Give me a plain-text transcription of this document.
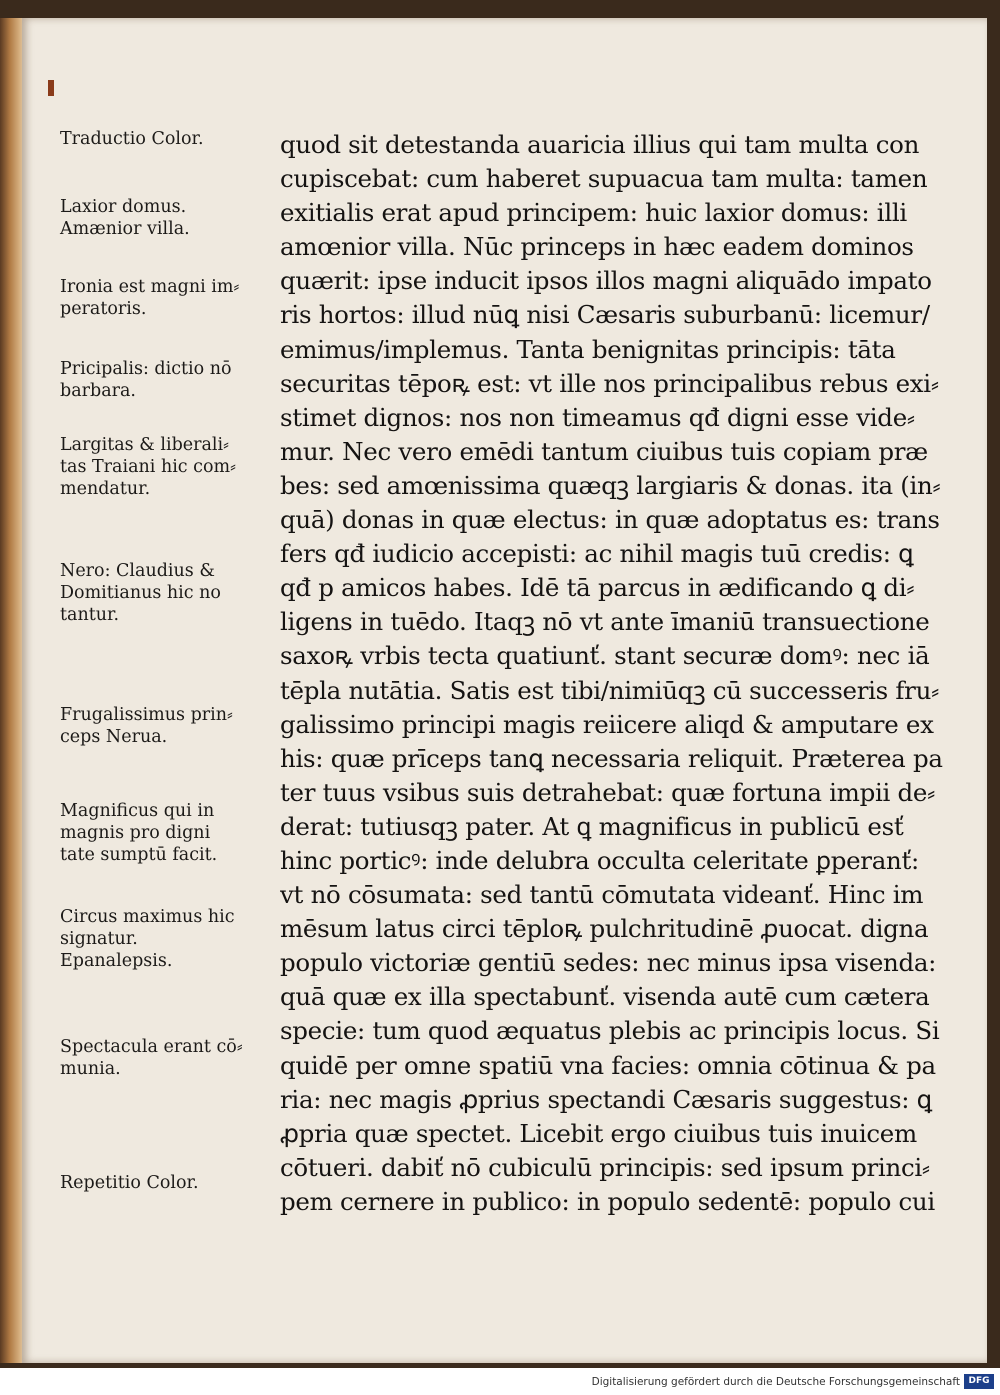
Traductio Color.
Laxior domus.
Amænior villa.
Ironia est magni im⸗
peratoris.
Pricipalis: dictio nō
barbara.
Largitas & liberali⸗
tas Traiani hic com⸗
mendatur.
Nero: Claudius &
Domitianus hic no
tantur.
Frugalissimus prin⸗
ceps Nerua.
Magnificus qui in
magnis pro digni
tate sumptū facit.
Circus maximus hic
signatur.
Epanalepsis.
Spectacula erant cō⸗
munia.
Repetitio Color.
quod sit detestanda auaricia illius qui tam multa con
cupiscebat: cum haberet supuacua tam multa: tamen
exitialis erat apud principem: huic laxior domus: illi
amœnior villa. Nūc princeps in hæc eadem dominos
quærit: ipse inducit ipsos illos magni aliquādo impato
ris hortos: illud nūꝗ nisi Cæsaris suburbanū: licemur/
emimus/implemus. Tanta benignitas principis: tāta
securitas tēpoꝶ est: vt ille nos principalibus rebus exi⸗
stimet dignos: nos non timeamus qđ digni esse vide⸗
mur. Nec vero emēdi tantum ciuibus tuis copiam præ
bes: sed amœnissima quæqꝫ largiaris & donas. ita (in⸗
quā) donas in quæ electus: in quæ adoptatus es: trans
fers qđ iudicio accepisti: ac nihil magis tuū credis: ꝗ
qđ p amicos habes. Idē tā parcus in ædificando ꝗ di⸗
ligens in tuēdo. Itaqꝫ nō vt ante īmaniū transuectione
saxoꝶ vrbis tecta quatiunť. stant securæ domꝰ: nec iā
tēpla nutātia. Satis est tibi/nimiūqꝫ cū successeris fru⸗
galissimo principi magis reiicere aliqd & amputare ex
his: quæ prīceps tanꝗ necessaria reliquit. Præterea pa
ter tuus vsibus suis detrahebat: quæ fortuna impii de⸗
derat: tutiusqꝫ pater. At ꝗ magnificus in publicū esť
hinc porticꝰ: inde delubra occulta celeritate ꝑperanť:
vt nō cōsumata: sed tantū cōmutata videanť. Hinc im
mēsum latus circi tēploꝶ pulchritudinē ꝓuocat. digna
populo victoriæ gentiū sedes: nec minus ipsa visenda:
quā quæ ex illa spectabunť. visenda autē cum cætera
specie: tum quod æquatus plebis ac principis locus. Si
quidē per omne spatiū vna facies: omnia cōtinua & pa
ria: nec magis ꝓprius spectandi Cæsaris suggestus: ꝗ
ꝓpria quæ spectet. Licebit ergo ciuibus tuis inuicem
cōtueri. dabiť nō cubiculū principis: sed ipsum princi⸗
pem cernere in publico: in populo sedentē: populo cui
Digitalisierung gefördert durch die Deutsche Forschungsgemeinschaft DFG
